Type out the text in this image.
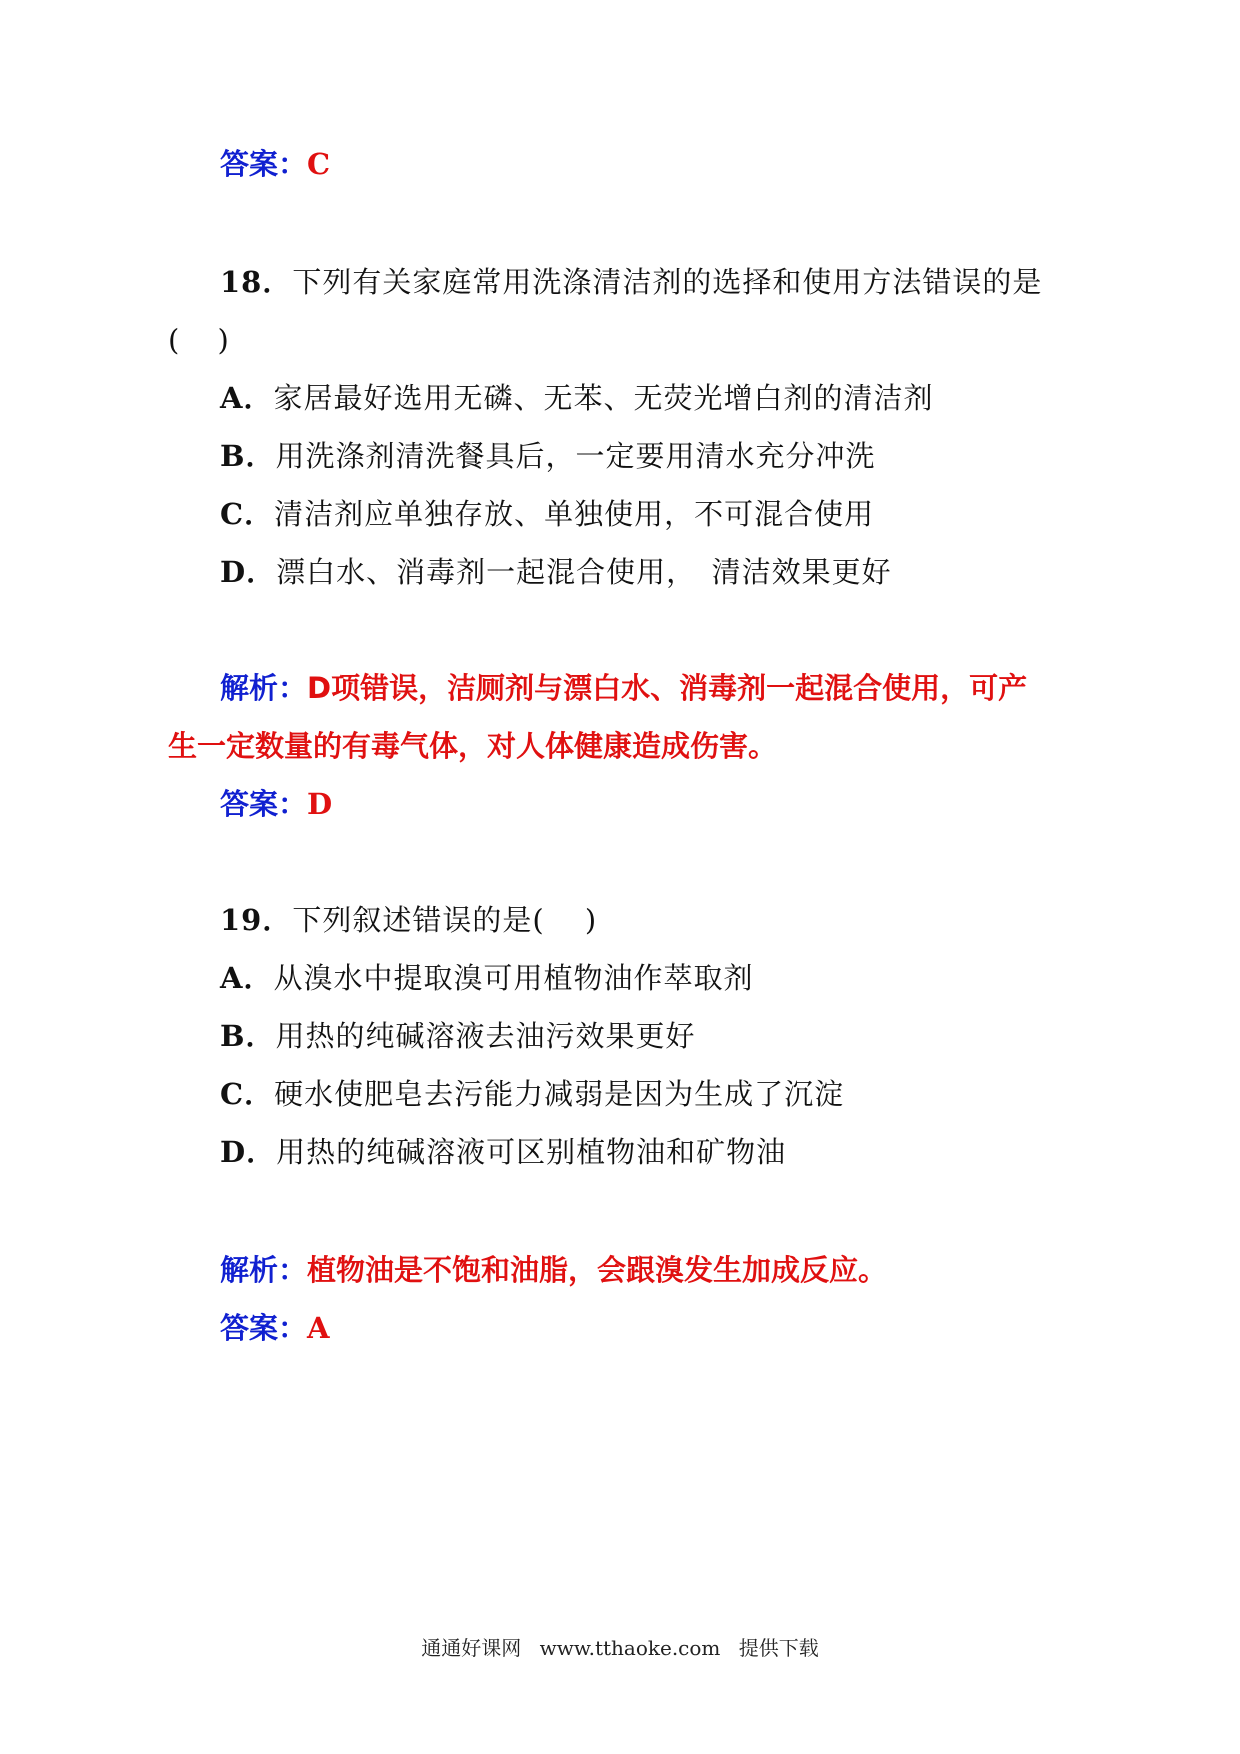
答案：C
18．下列有关家庭常用洗涤清洁剂的选择和使用方法错误的是
(　 )
A．家居最好选用无磷、无苯、无荧光增白剂的清洁剂
B．用洗涤剂清洗餐具后，一定要用清水充分冲洗
C．清洁剂应单独存放、单独使用，不可混合使用
D．漂白水、消毒剂一起混合使用，　清洁效果更好
解析：D项错误，洁厕剂与漂白水、消毒剂一起混合使用，可产
生一定数量的有毒气体，对人体健康造成伤害。
答案：D
19．下列叙述错误的是(　 )
A．从溴水中提取溴可用植物油作萃取剂
B．用热的纯碱溶液去油污效果更好
C．硬水使肥皂去污能力减弱是因为生成了沉淀
D．用热的纯碱溶液可区别植物油和矿物油
解析：植物油是不饱和油脂，会跟溴发生加成反应。
答案：A
通通好课网 www.tthaoke.com 提供下载
